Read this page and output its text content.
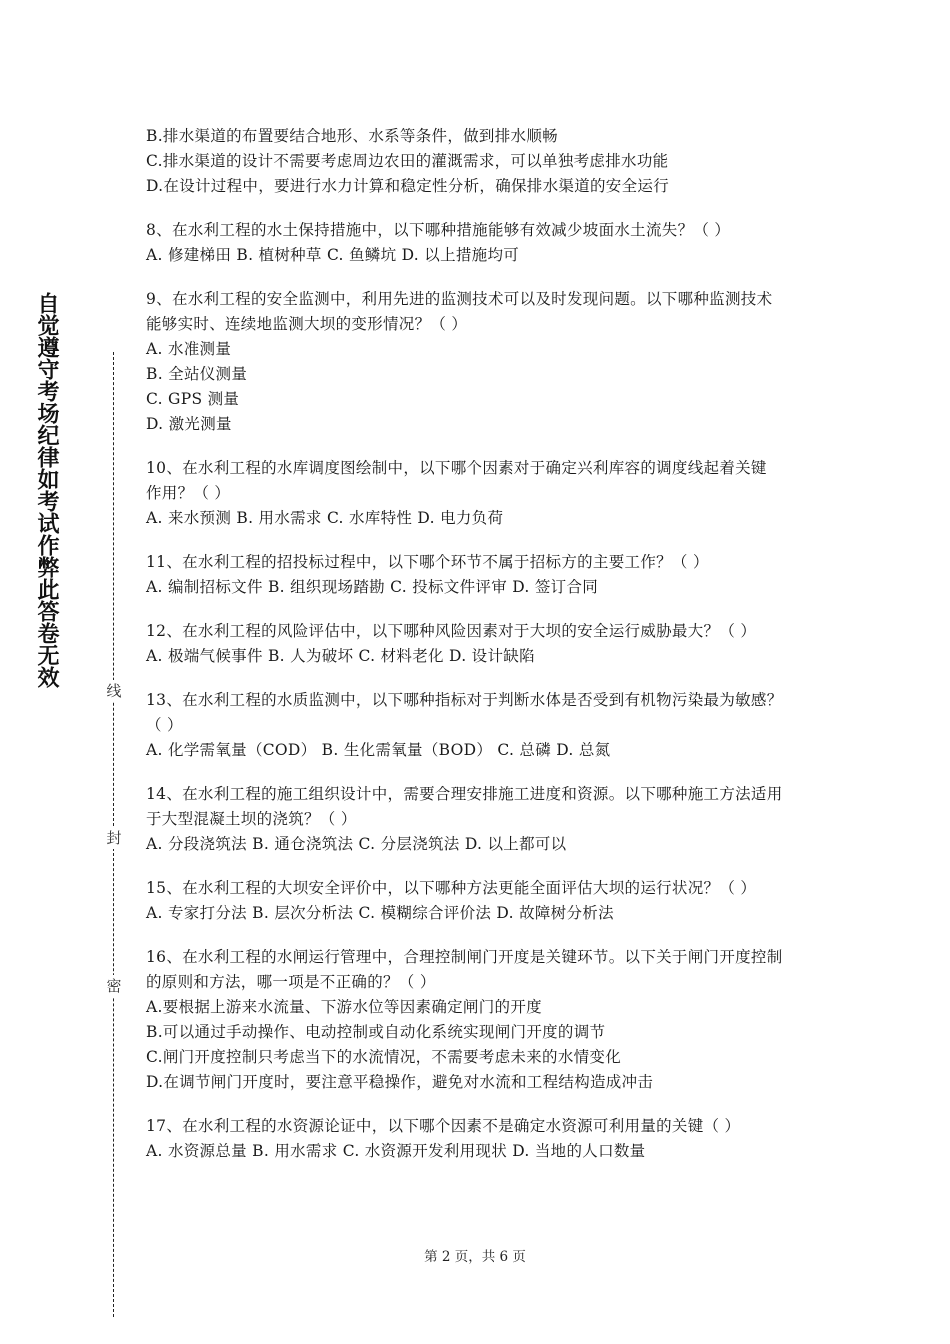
自觉遵守考场纪律如考试作弊此答卷无效
线
封
密
B.排水渠道的布置要结合地形、水系等条件，做到排水顺畅
C.排水渠道的设计不需要考虑周边农田的灌溉需求，可以单独考虑排水功能
D.在设计过程中，要进行水力计算和稳定性分析，确保排水渠道的安全运行
8、在水利工程的水土保持措施中，以下哪种措施能够有效减少坡面水土流失？（ ）
A. 修建梯田 B. 植树种草 C. 鱼鳞坑 D. 以上措施均可
9、在水利工程的安全监测中，利用先进的监测技术可以及时发现问题。以下哪种监测技术
能够实时、连续地监测大坝的变形情况？（ ）
A. 水准测量
B. 全站仪测量
C. GPS 测量
D. 激光测量
10、在水利工程的水库调度图绘制中，以下哪个因素对于确定兴利库容的调度线起着关键
作用？（ ）
A. 来水预测 B. 用水需求 C. 水库特性 D. 电力负荷
11、在水利工程的招投标过程中，以下哪个环节不属于招标方的主要工作？（ ）
A. 编制招标文件 B. 组织现场踏勘 C. 投标文件评审 D. 签订合同
12、在水利工程的风险评估中，以下哪种风险因素对于大坝的安全运行威胁最大？（ ）
A. 极端气候事件 B. 人为破坏 C. 材料老化 D. 设计缺陷
13、在水利工程的水质监测中，以下哪种指标对于判断水体是否受到有机物污染最为敏感？
（ ）
A. 化学需氧量（COD） B. 生化需氧量（BOD） C. 总磷 D. 总氮
14、在水利工程的施工组织设计中，需要合理安排施工进度和资源。以下哪种施工方法适用
于大型混凝土坝的浇筑？（ ）
A. 分段浇筑法 B. 通仓浇筑法 C. 分层浇筑法 D. 以上都可以
15、在水利工程的大坝安全评价中，以下哪种方法更能全面评估大坝的运行状况？（ ）
A. 专家打分法 B. 层次分析法 C. 模糊综合评价法 D. 故障树分析法
16、在水利工程的水闸运行管理中，合理控制闸门开度是关键环节。以下关于闸门开度控制
的原则和方法，哪一项是不正确的？（ ）
A.要根据上游来水流量、下游水位等因素确定闸门的开度
B.可以通过手动操作、电动控制或自动化系统实现闸门开度的调节
C.闸门开度控制只考虑当下的水流情况，不需要考虑未来的水情变化
D.在调节闸门开度时，要注意平稳操作，避免对水流和工程结构造成冲击
17、在水利工程的水资源论证中，以下哪个因素不是确定水资源可利用量的关键（ ）
A. 水资源总量 B. 用水需求 C. 水资源开发利用现状 D. 当地的人口数量
第 2 页，共 6 页
